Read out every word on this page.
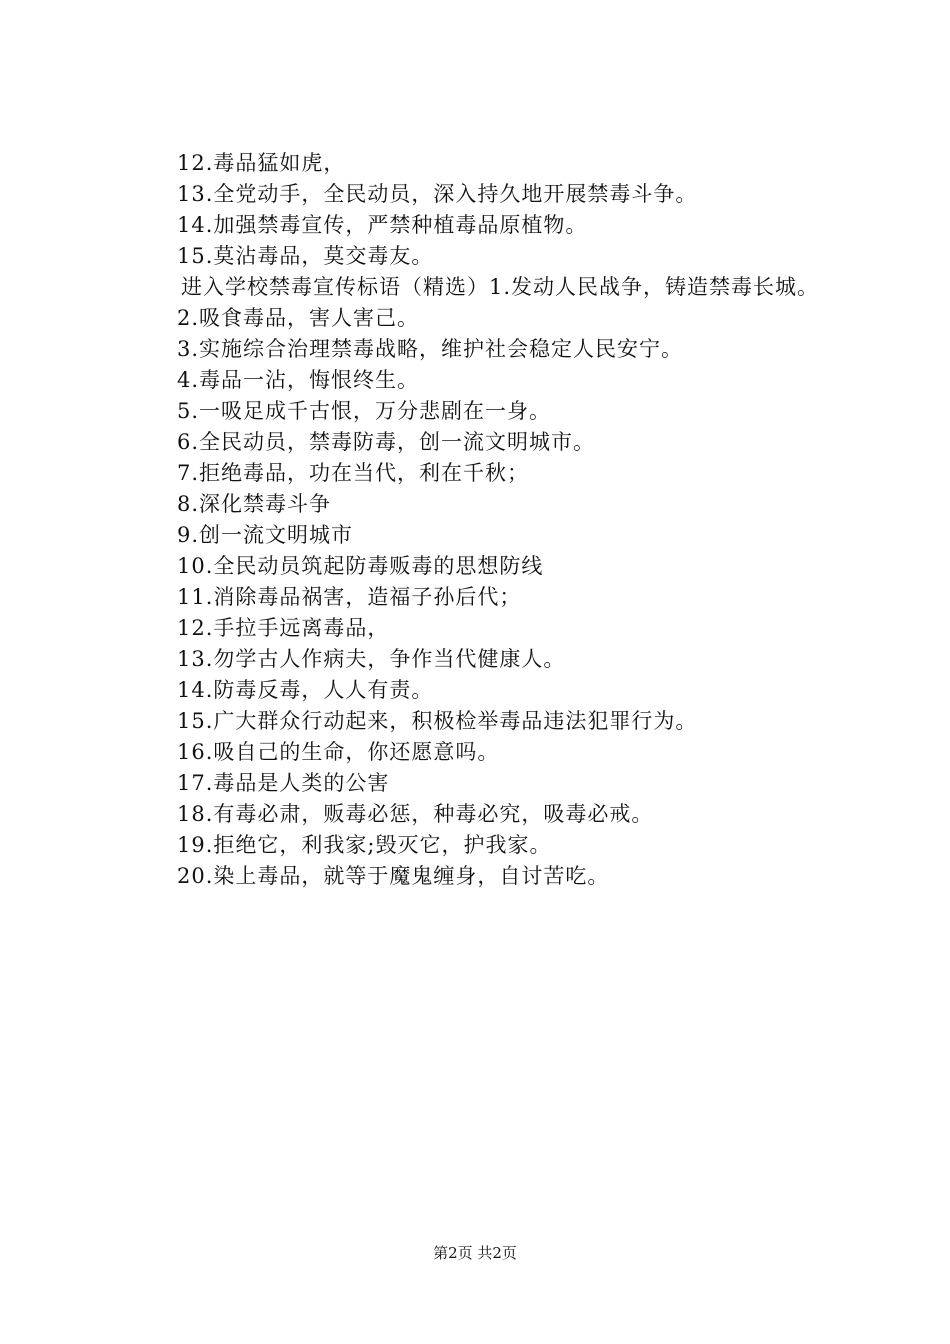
12.毒品猛如虎，
13.全党动手，全民动员，深入持久地开展禁毒斗争。
14.加强禁毒宣传，严禁种植毒品原植物。
15.莫沾毒品，莫交毒友。
进入学校禁毒宣传标语（精选）1.发动人民战争，铸造禁毒长城。
2.吸食毒品，害人害己。
3.实施综合治理禁毒战略，维护社会稳定人民安宁。
4.毒品一沾，悔恨终生。
5.一吸足成千古恨，万分悲剧在一身。
6.全民动员，禁毒防毒，创一流文明城市。
7.拒绝毒品，功在当代，利在千秋；
8.深化禁毒斗争
9.创一流文明城市
10.全民动员筑起防毒贩毒的思想防线
11.消除毒品祸害，造福子孙后代；
12.手拉手远离毒品，
13.勿学古人作病夫，争作当代健康人。
14.防毒反毒，人人有责。
15.广大群众行动起来，积极检举毒品违法犯罪行为。
16.吸自己的生命，你还愿意吗。
17.毒品是人类的公害
18.有毒必肃，贩毒必惩，种毒必究，吸毒必戒。
19.拒绝它，利我家;毁灭它，护我家。
20.染上毒品，就等于魔鬼缠身，自讨苦吃。
第2页 共2页
